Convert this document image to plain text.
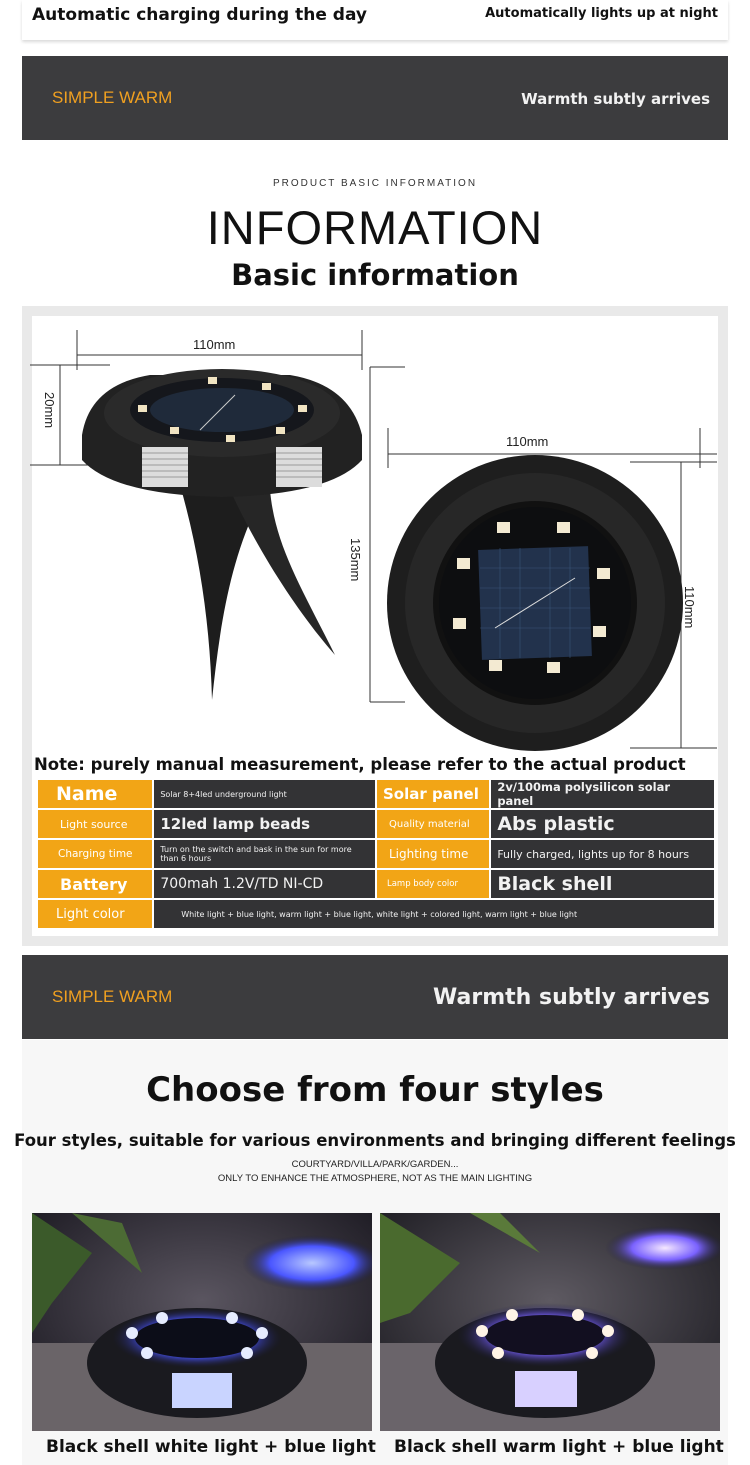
Automatic charging during the day	Automatically lights up at night
SIMPLE WARM	Warmth subtly arrives
PRODUCT BASIC INFORMATION
INFORMATION
Basic information
110mm
20mm
135mm
110mm
110mm
Note: purely manual measurement, please refer to the actual product
Name	Solar 8+4led underground light	Solar panel	2v/100ma polysilicon solar panel
Light source	12led lamp beads	Quality material	Abs plastic
Charging time	Turn on the switch and bask in the sun for more than 6 hours	Lighting time	Fully charged, lights up for 8 hours
Battery	700mah 1.2V/TD NI-CD	Lamp body color	Black shell
Light color	White light + blue light, warm light + blue light, white light + colored light, warm light + blue light		
SIMPLE WARM	Warmth subtly arrives
Choose from four styles
Four styles, suitable for various environments and bringing different feelings
COURTYARD/VILLA/PARK/GARDEN...
ONLY TO ENHANCE THE ATMOSPHERE, NOT AS THE MAIN LIGHTING
Black shell white light + blue light Black shell warm light + blue light
